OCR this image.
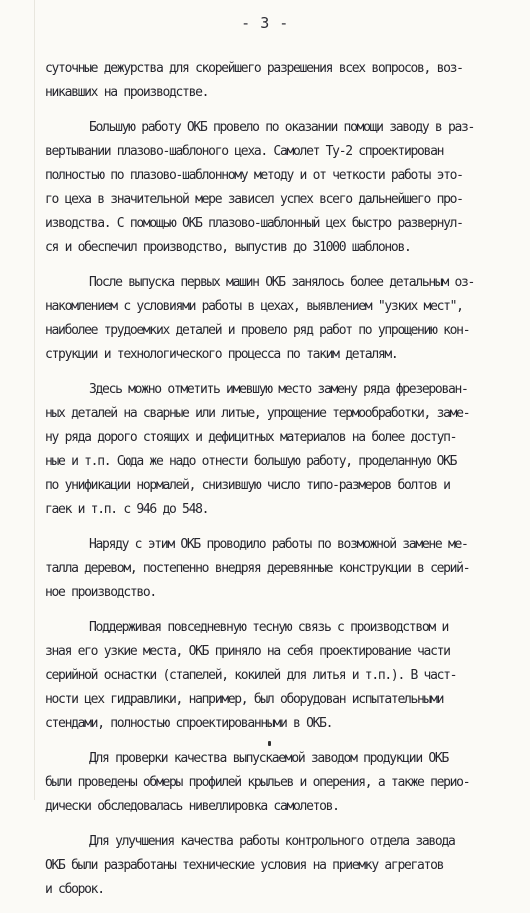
- 3 -
суточные дежурства для скорейшего разрешения всех вопросов, воз-
никавших на производстве.
Большую работу ОКБ провело по оказании помощи заводу в раз-
вертывании плазово-шаблоного цеха. Самолет Ту-2 спроектирован
полностью по плазово-шаблонному методу и от четкости работы это-
го цеха в значительной мере зависел успех всего дальнейшего про-
изводства. С помощью ОКБ плазово-шаблонный цех быстро развернул-
ся и обеспечил производство, выпустив до 31000 шаблонов.
После выпуска первых машин ОКБ занялось более детальным оз-
накомлением с условиями работы в цехах, выявлением "узких мест",
наиболее трудоемких деталей и провело ряд работ по упрощению кон-
струкции и технологического процесса по таким деталям.
Здесь можно отметить имевшую место замену ряда фрезерован-
ных деталей на сварные или литые, упрощение термообработки, заме-
ну ряда дорого стоящих и дефицитных материалов на более доступ-
ные и т.п. Сюда же надо отнести большую работу, проделанную ОКБ
по унификации нормалей, снизившую число типо-размеров болтов и
гаек и т.п. с 946 до 548.
Наряду с этим ОКБ проводило работы по возможной замене ме-
талла деревом, постепенно внедряя деревянные конструкции в серий-
ное производство.
Поддерживая повседневную тесную связь с производством и
зная его узкие места, ОКБ приняло на себя проектирование части
серийной оснастки (стапелей, кокилей для литья и т.п.). В част-
ности цех гидравлики, например, был оборудован испытательными
стендами, полностью спроектированными в ОКБ.
Для проверки качества выпускаемой заводом продукции ОКБ
были проведены обмеры профилей крыльев и оперения, а также перио-
дически обследовалась нивеллировка самолетов.
Для улучшения качества работы контрольного отдела завода
ОКБ были разработаны технические условия на приемку агрегатов
и сборок.
